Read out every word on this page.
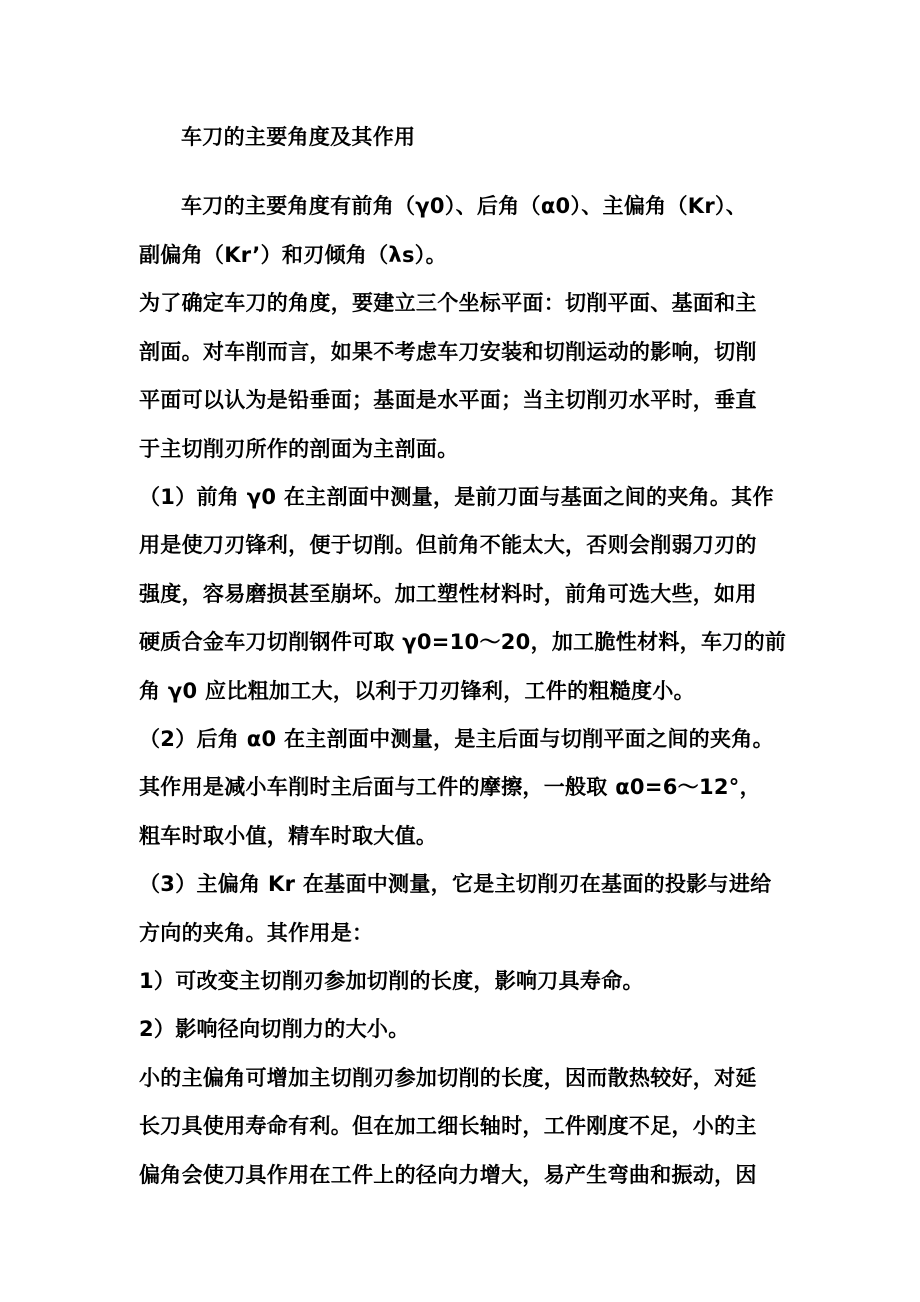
车刀的主要角度及其作用
车刀的主要角度有前角（γ0）、后角（α0）、主偏角（Kr）、
副偏角（Kr’）和刃倾角（λs）。
为了确定车刀的角度，要建立三个坐标平面：切削平面、基面和主
剖面。对车削而言，如果不考虑车刀安装和切削运动的影响，切削
平面可以认为是铅垂面；基面是水平面；当主切削刃水平时，垂直
于主切削刃所作的剖面为主剖面。
（1）前角 γ0 在主剖面中测量，是前刀面与基面之间的夹角。其作
用是使刀刃锋利，便于切削。但前角不能太大，否则会削弱刀刃的
强度，容易磨损甚至崩坏。加工塑性材料时，前角可选大些，如用
硬质合金车刀切削钢件可取 γ0=10～20，加工脆性材料，车刀的前
角 γ0 应比粗加工大，以利于刀刃锋利，工件的粗糙度小。
（2）后角 α0 在主剖面中测量，是主后面与切削平面之间的夹角。
其作用是减小车削时主后面与工件的摩擦，一般取 α0=6～12°，
粗车时取小值，精车时取大值。
（3）主偏角 Kr 在基面中测量，它是主切削刃在基面的投影与进给
方向的夹角。其作用是：
1）可改变主切削刃参加切削的长度，影响刀具寿命。
2）影响径向切削力的大小。
小的主偏角可增加主切削刃参加切削的长度，因而散热较好，对延
长刀具使用寿命有利。但在加工细长轴时，工件刚度不足，小的主
偏角会使刀具作用在工件上的径向力增大，易产生弯曲和振动，因
